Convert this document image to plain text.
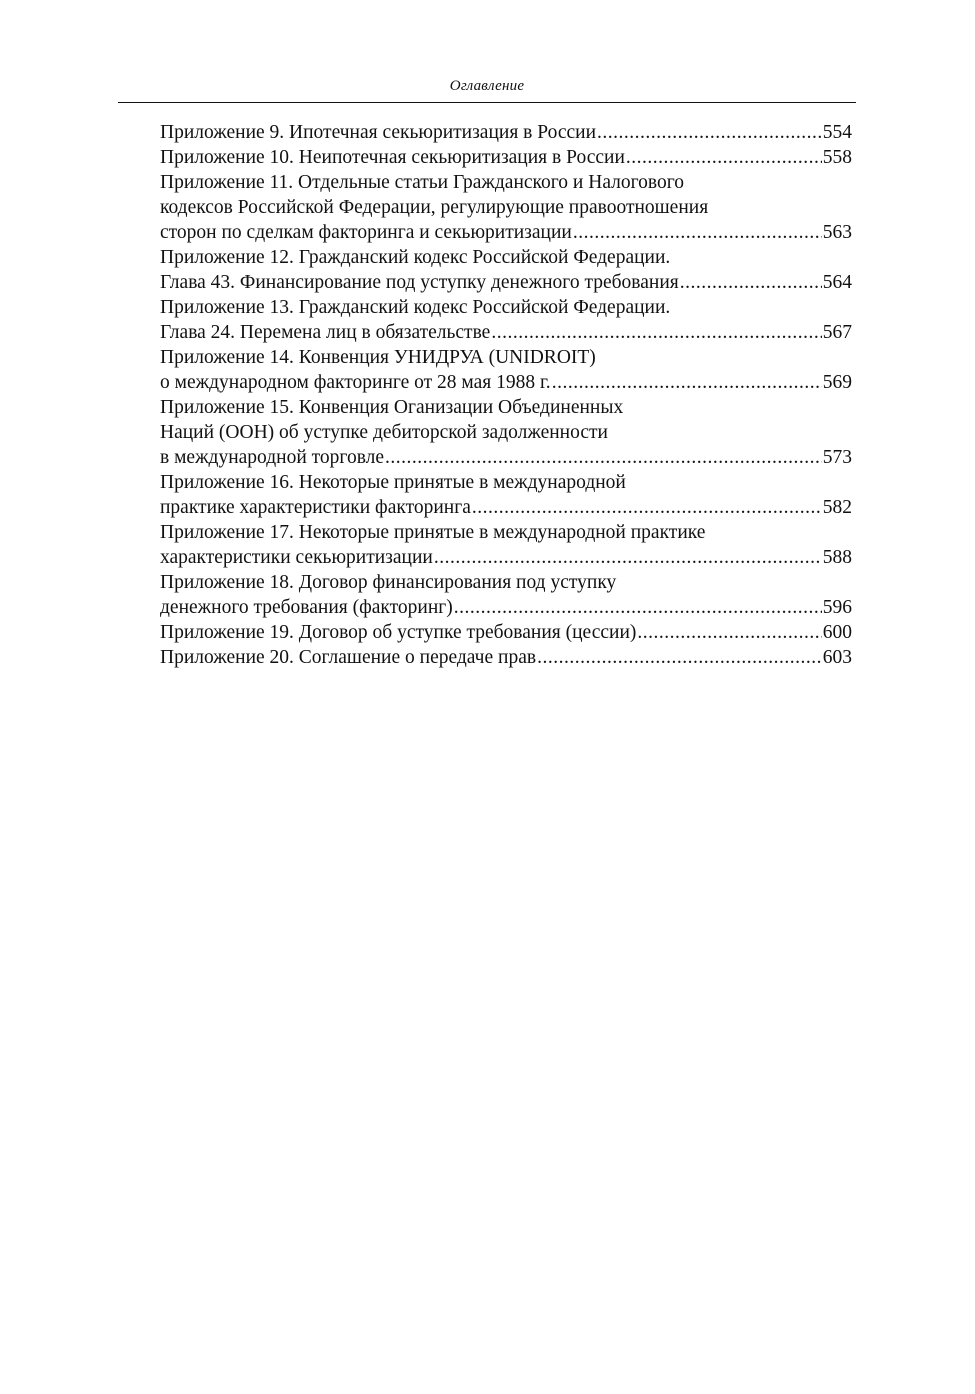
Оглавление
Приложение 9. Ипотечная секьюритизация в России .....	554
Приложение 10. Неипотечная секьюритизация в России .....	558
Приложение 11. Отдельные статьи Гражданского и Налогового
кодексов Российской Федерации, регулирующие правоотношения
сторон по сделкам факторинга и секьюритизации .....	563
Приложение 12. Гражданский кодекс Российской Федерации.
Глава 43. Финансирование под уступку денежного требования .....	564
Приложение 13. Гражданский кодекс Российской Федерации.
Глава 24. Перемена лиц в обязательстве .....	567
Приложение 14. Конвенция УНИДРУА (UNIDROIT)
о международном факторинге от 28 мая 1988 г. .....	569
Приложение 15. Конвенция Оганизации Объединенных
Наций (ООН) об уступке дебиторской задолженности
в международной торговле .....	573
Приложение 16. Некоторые принятые в международной
практике характеристики факторинга .....	582
Приложение 17. Некоторые принятые в международной практике
характеристики секьюритизации .....	588
Приложение 18. Договор финансирования под уступку
денежного требования (факторинг) .....	596
Приложение 19. Договор об уступке требования (цессии) .....	600
Приложение 20. Соглашение о передаче прав .....	603
